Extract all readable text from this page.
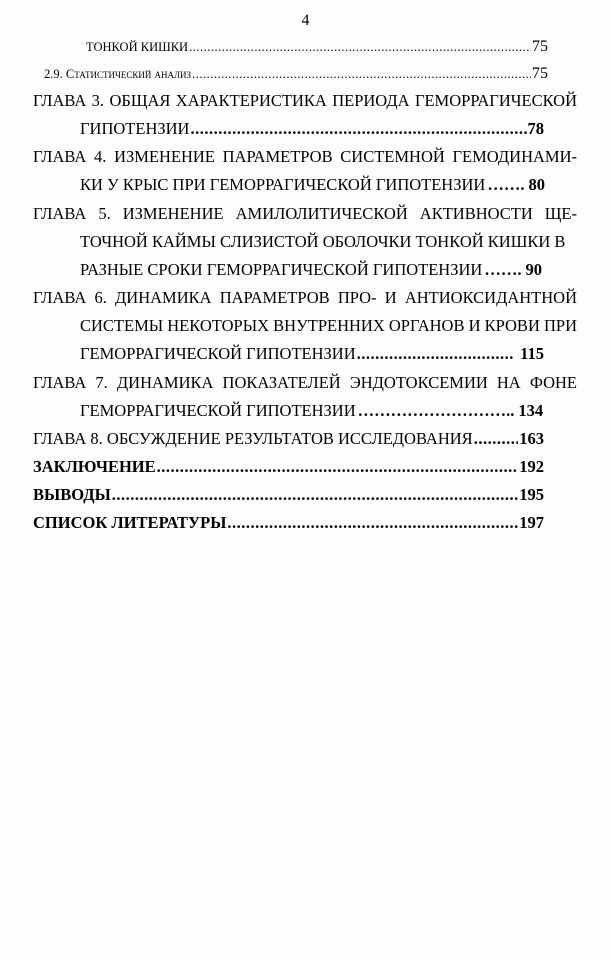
4
ТОНКОЙ КИШКИ .....	75
2.9. Статистический анализ .....	75
ГЛАВА 3. ОБЩАЯ ХАРАКТЕРИСТИКА ПЕРИОДА ГЕМОРРАГИЧЕСКОЙ
ГИПОТЕНЗИИ .....	78
ГЛАВА 4. ИЗМЕНЕНИЕ ПАРАМЕТРОВ СИСТЕМНОЙ ГЕМОДИНАМИ-
КИ У КРЫС ПРИ ГЕМОРРАГИЧЕСКОЙ ГИПОТЕНЗИИ ……. 80
ГЛАВА 5. ИЗМЕНЕНИЕ АМИЛОЛИТИЧЕСКОЙ АКТИВНОСТИ ЩЕ-
ТОЧНОЙ КАЙМЫ СЛИЗИСТОЙ ОБОЛОЧКИ ТОНКОЙ КИШКИ В
РАЗНЫЕ СРОКИ ГЕМОРРАГИЧЕСКОЙ ГИПОТЕНЗИИ ……. 90
ГЛАВА 6. ДИНАМИКА ПАРАМЕТРОВ ПРО- И АНТИОКСИДАНТНОЙ
СИСТЕМЫ НЕКОТОРЫХ ВНУТРЕННИХ ОРГАНОВ И КРОВИ ПРИ
ГЕМОРРАГИЧЕСКОЙ ГИПОТЕНЗИИ .....	115
ГЛАВА 7. ДИНАМИКА ПОКАЗАТЕЛЕЙ ЭНДОТОКСЕМИИ НА ФОНЕ
ГЕМОРРАГИЧЕСКОЙ ГИПОТЕНЗИИ ……………………….. 134
ГЛАВА 8. ОБСУЖДЕНИЕ РЕЗУЛЬТАТОВ ИССЛЕДОВАНИЯ .....	163
ЗАКЛЮЧЕНИЕ .....	192
ВЫВОДЫ .....	195
СПИСОК ЛИТЕРАТУРЫ .....	197
